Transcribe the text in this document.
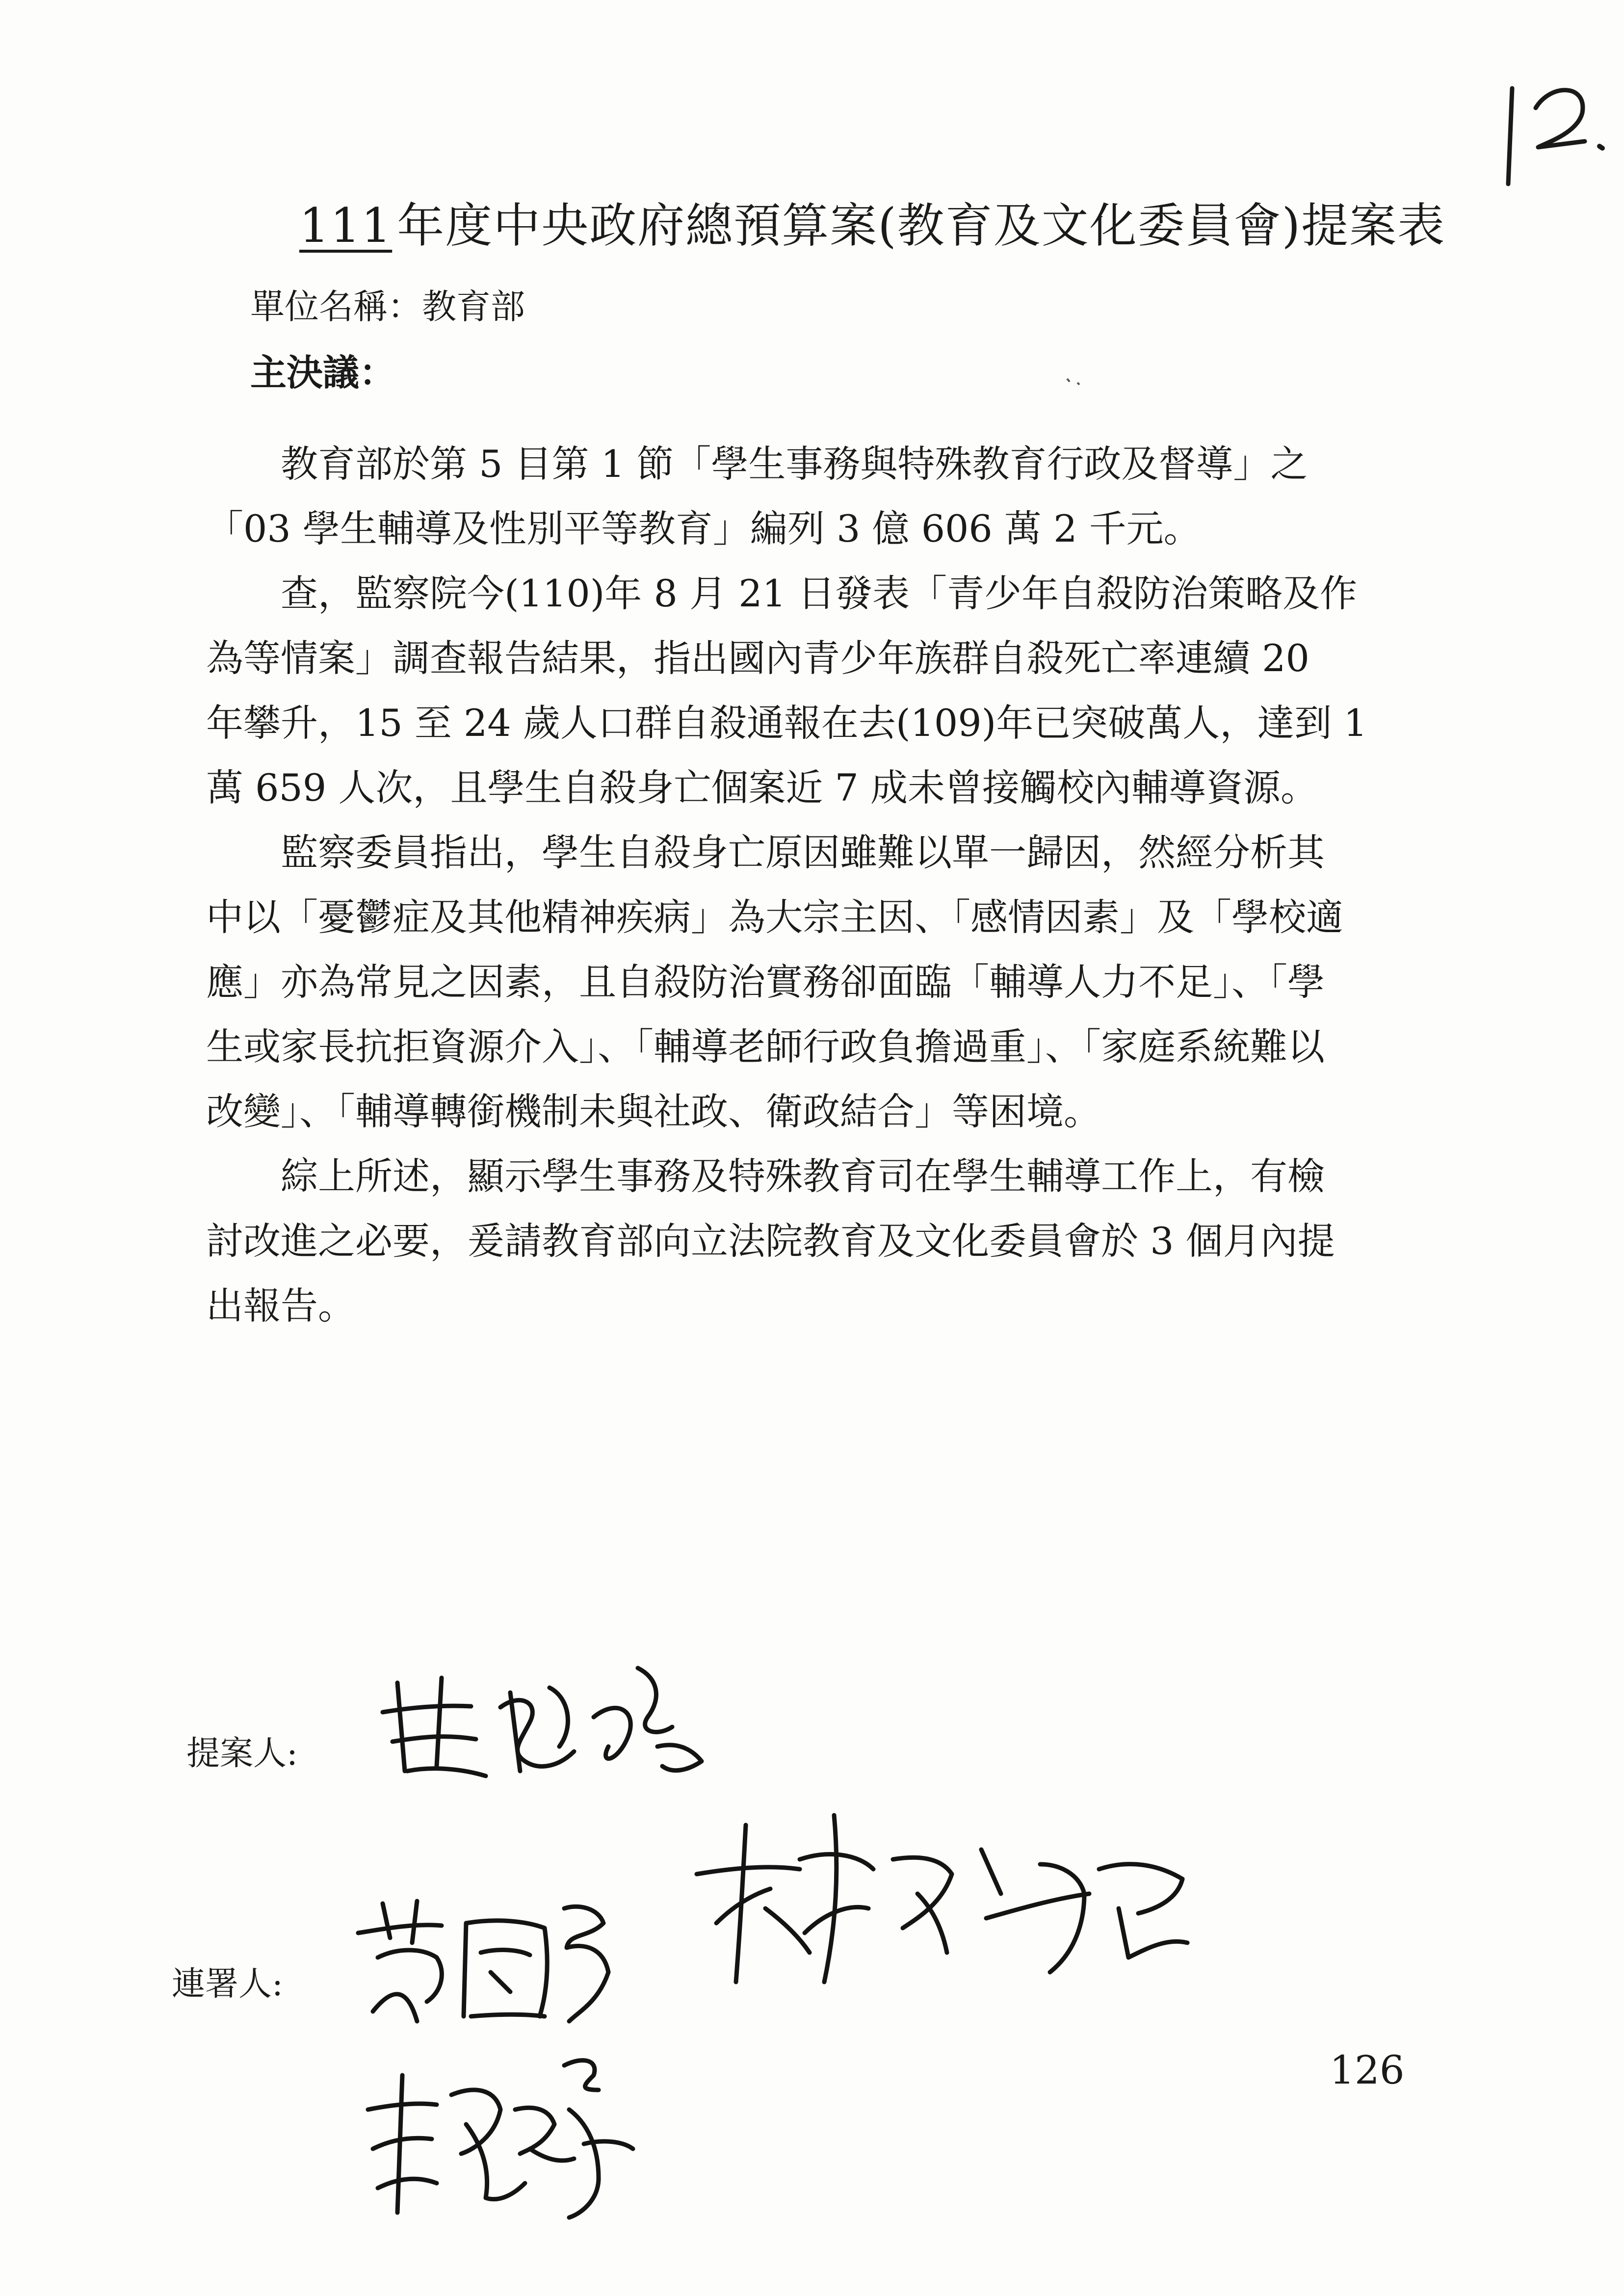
111 年度中央政府總預算案(教育及文化委員會)提案表
單位名稱：教育部
主決議：

　　教育部於第 5 目第 1 節「學生事務與特殊教育行政及督導」之

「03 學生輔導及性別平等教育」編列 3 億 606 萬 2 千元。

　　查，監察院今(110)年 8 月 21 日發表「青少年自殺防治策略及作

為等情案」調查報告結果，指出國內青少年族群自殺死亡率連續 20

年攀升，15 至 24 歲人口群自殺通報在去(109)年已突破萬人，達到 1

萬 659 人次，且學生自殺身亡個案近 7 成未曾接觸校內輔導資源。

　　監察委員指出，學生自殺身亡原因雖難以單一歸因，然經分析其

中以「憂鬱症及其他精神疾病」為大宗主因、「感情因素」及「學校適

應」亦為常見之因素，且自殺防治實務卻面臨「輔導人力不足」、「學

生或家長抗拒資源介入」、「輔導老師行政負擔過重」、「家庭系統難以

改變」、「輔導轉銜機制未與社政、衛政結合」等困境。

　　綜上所述，顯示學生事務及特殊教育司在學生輔導工作上，有檢

討改進之必要，爰請教育部向立法院教育及文化委員會於 3 個月內提

出報告。

提案人:
連署人:
126
